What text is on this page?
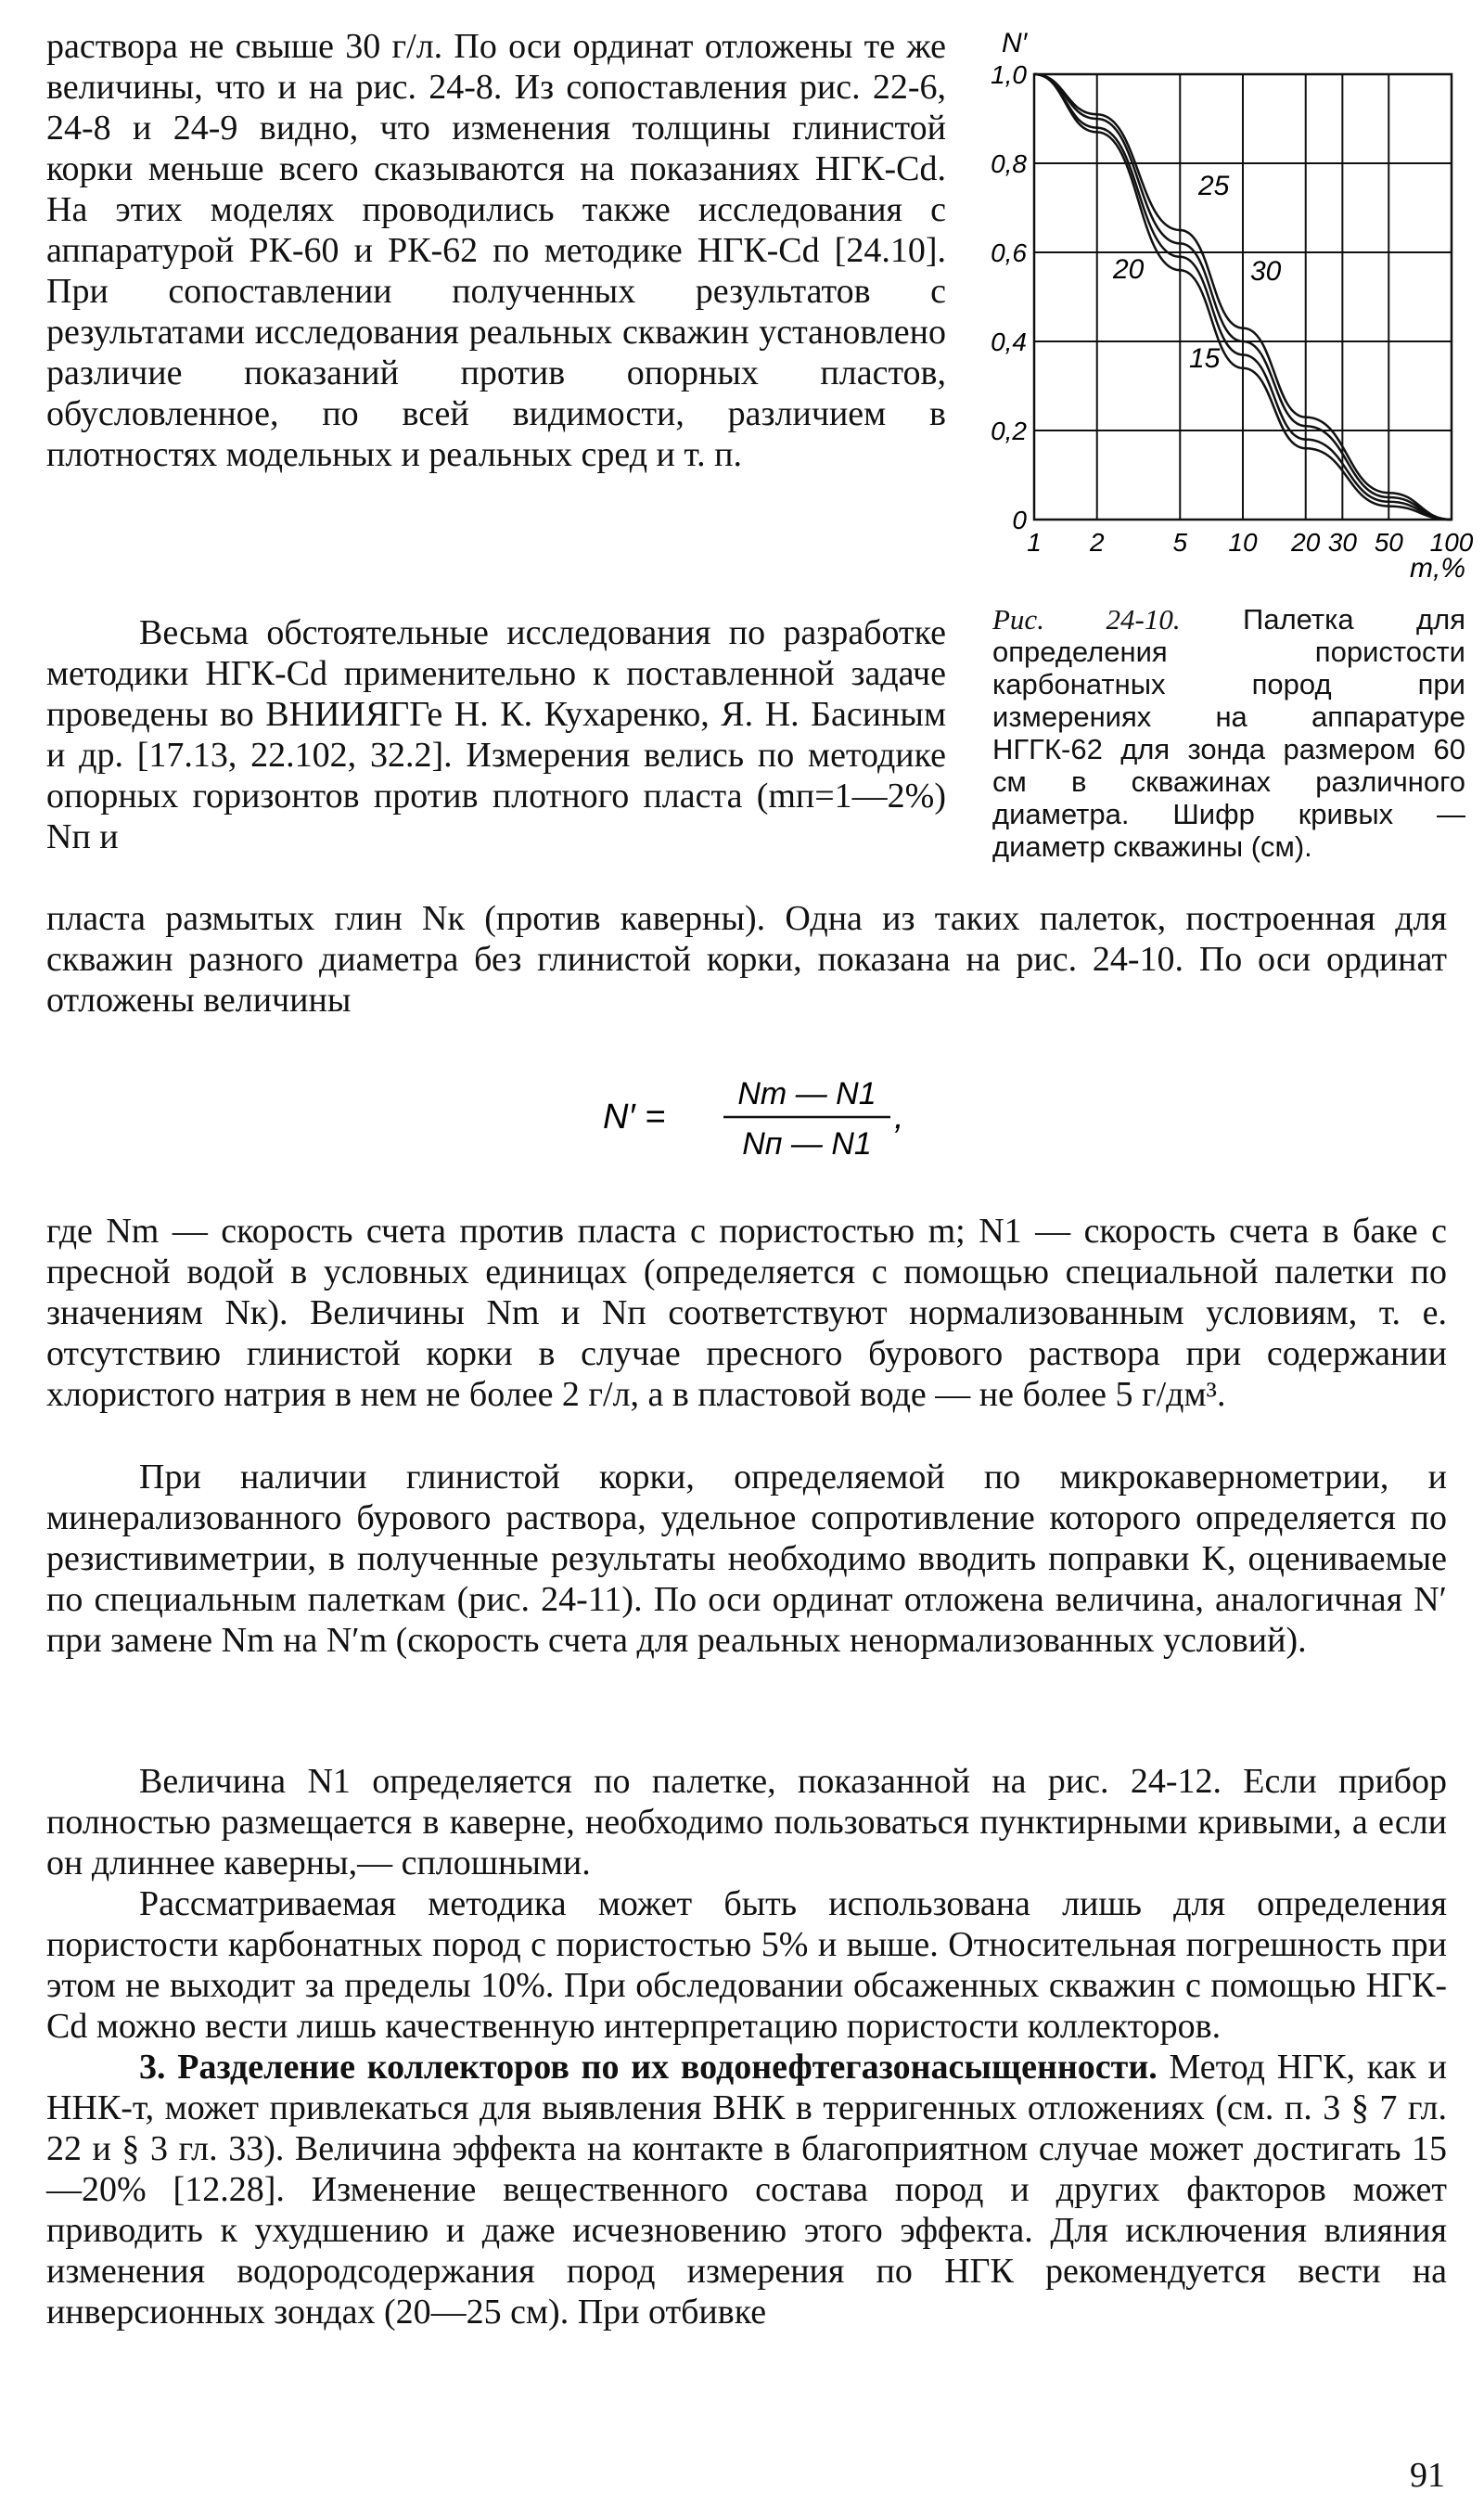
раствора не свыше 30 г/л. По оси ординат отложены те же величины, что и на рис. 24-8. Из сопоставления рис. 22-6, 24-8 и 24-9 видно, что изменения толщины глинистой корки меньше всего сказываются на показаниях НГК-Cd. На этих моделях проводились также исследования с аппаратурой РК-60 и РК-62 по методике НГК-Cd [24.10]. При сопоставлении полученных результатов с результатами исследования реальных скважин установлено различие показаний против опорных пластов, обусловленное, по всей видимости, различием в плотностях модельных и реальных сред и т. п.

Весьма обстоятельные исследования по разработке методики НГК-Cd применительно к поставленной задаче проведены во ВНИИЯГГе Н. К. Кухаренко, Я. Н. Басиным и др. [17.13, 22.102, 32.2]. Измерения велись по методике опорных горизонтов против плотного пласта (mп=1—2%) Nп и

пласта размытых глин Nк (против каверны). Одна из таких палеток, построенная для скважин разного диаметра без глинистой корки, показана на рис. 24-10. По оси ординат отложены величины

N′ =
Nm — N1
Nп — N1
,

где Nm — скорость счета против пласта с пористостью m; N1 — скорость счета в баке с пресной водой в условных единицах (определяется с помощью специальной палетки по значениям Nк). Величины Nm и Nп соответствуют нормализованным условиям, т. е. отсутствию глинистой корки в случае пресного бурового раствора при содержании хлористого натрия в нем не более 2 г/л, а в пластовой воде — не более 5 г/дм³.

При наличии глинистой корки, определяемой по микрокавернометрии, и минерализованного бурового раствора, удельное сопротивление которого определяется по резистивиметрии, в полученные результаты необходимо вводить поправки K, оцениваемые по специальным палеткам (рис. 24-11). По оси ординат отложена величина, аналогичная N′ при замене Nm на N′m (скорость счета для реальных ненормализованных условий).

Величина N1 определяется по палетке, показанной на рис. 24-12. Если прибор полностью размещается в каверне, необходимо пользоваться пунктирными кривыми, а если он длиннее каверны,— сплошными.

Рассматриваемая методика может быть использована лишь для определения пористости карбонатных пород с пористостью 5% и выше. Относительная погрешность при этом не выходит за пределы 10%. При обследовании обсаженных скважин с помощью НГК-Cd можно вести лишь качественную интерпретацию пористости коллекторов.

3. Разделение коллекторов по их водонефтегазонасыщенности. Метод НГК, как и ННК-т, может привлекаться для выявления ВНК в терригенных отложениях (см. п. 3 § 7 гл. 22 и § 3 гл. 33). Величина эффекта на контакте в благоприятном случае может достигать 15—20% [12.28]. Изменение вещественного состава пород и других факторов может приводить к ухудшению и даже исчезновению этого эффекта. Для исключения влияния изменения водородсодержания пород измерения по НГК рекомендуется вести на инверсионных зондах (20—25 см). При отбивке

1,0
0,8
0,6
0,4
0,2
0
1 2	5 10 20 30 50 100
N′
m,%
25
20	30
15
Рис. 24-10. Палетка для определения пористости карбонатных пород при измерениях на аппаратуре НГГК-62 для зонда размером 60 см в скважинах различного диаметра. Шифр кривых — диаметр скважины (см).
91
